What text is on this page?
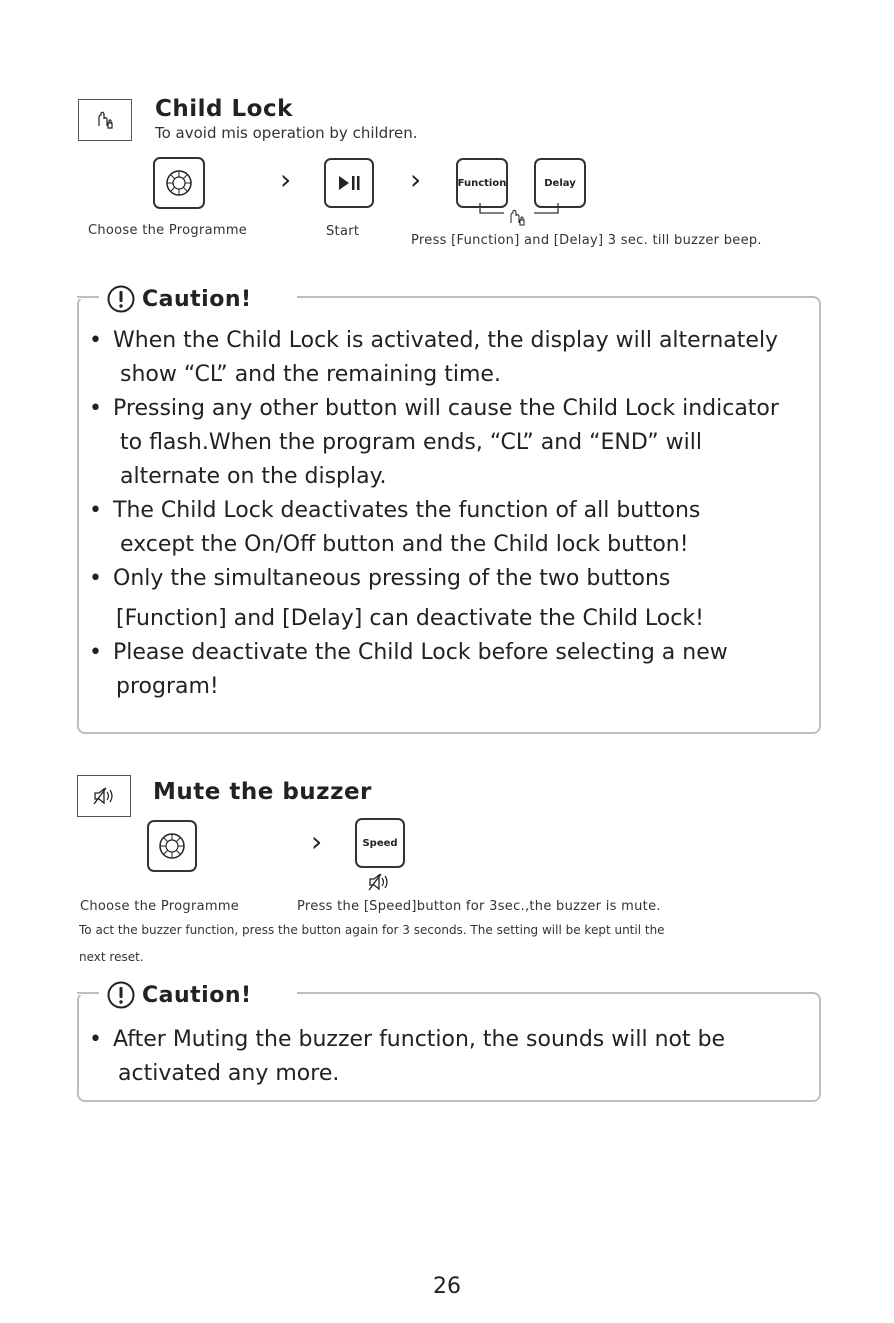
Child Lock
To avoid mis operation by children.
›	›	Function	Delay
Choose the Programme	Start
Press [Function] and [Delay] 3 sec. till buzzer beep.
Caution!
• When the Child Lock is activated, the display will alternately
show “CL” and the remaining time.
• Pressing any other button will cause the Child Lock indicator
to flash.When the program ends, “CL” and “END” will
alternate on the display.
• The Child Lock deactivates the function of all buttons
except the On/Off button and the Child lock button!
• Only the simultaneous pressing of the two buttons
[Function] and [Delay] can deactivate the Child Lock!
• Please deactivate the Child Lock before selecting a new
program!
Mute the buzzer
›	Speed
Choose the Programme	Press the [Speed]button for 3sec.,the buzzer is mute.
To act the buzzer function, press the button again for 3 seconds. The setting will be kept until the
next reset.
Caution!
• After Muting the buzzer function, the sounds will not be
activated any more.
26
